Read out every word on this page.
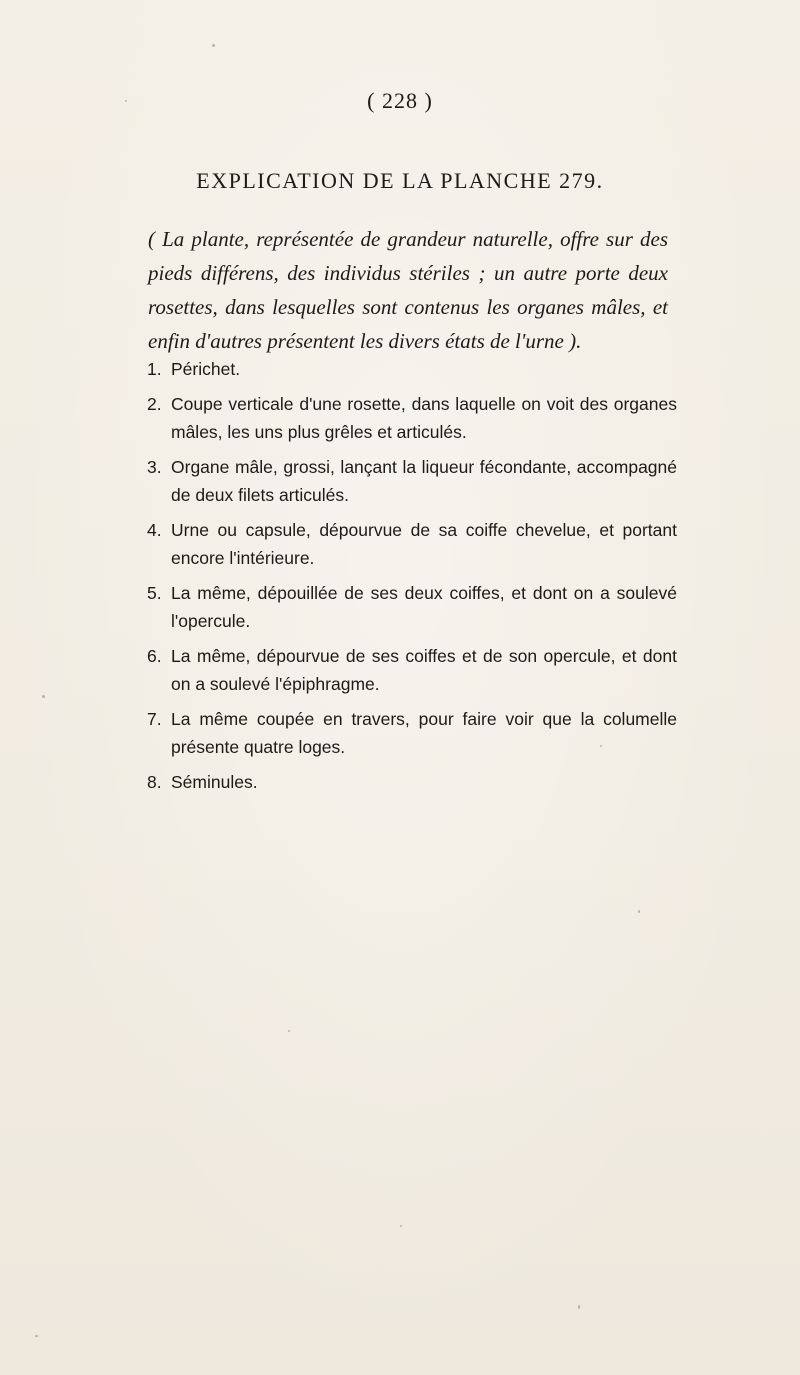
( 228 )
EXPLICATION DE LA PLANCHE 279.
( La plante, représentée de grandeur naturelle, offre sur des pieds différens, des individus stériles ; un autre porte deux rosettes, dans lesquelles sont contenus les organes mâles, et enfin d'autres présentent les divers états de l'urne ).
1. Périchet.
2. Coupe verticale d'une rosette, dans laquelle on voit des organes mâles, les uns plus grêles et articulés.
3. Organe mâle, grossi, lançant la liqueur fécondante, accompagné de deux filets articulés.
4. Urne ou capsule, dépourvue de sa coiffe chevelue, et portant encore l'intérieure.
5. La même, dépouillée de ses deux coiffes, et dont on a soulevé l'opercule.
6. La même, dépourvue de ses coiffes et de son opercule, et dont on a soulevé l'épiphragme.
7. La même coupée en travers, pour faire voir que la columelle présente quatre loges.
8. Séminules.
